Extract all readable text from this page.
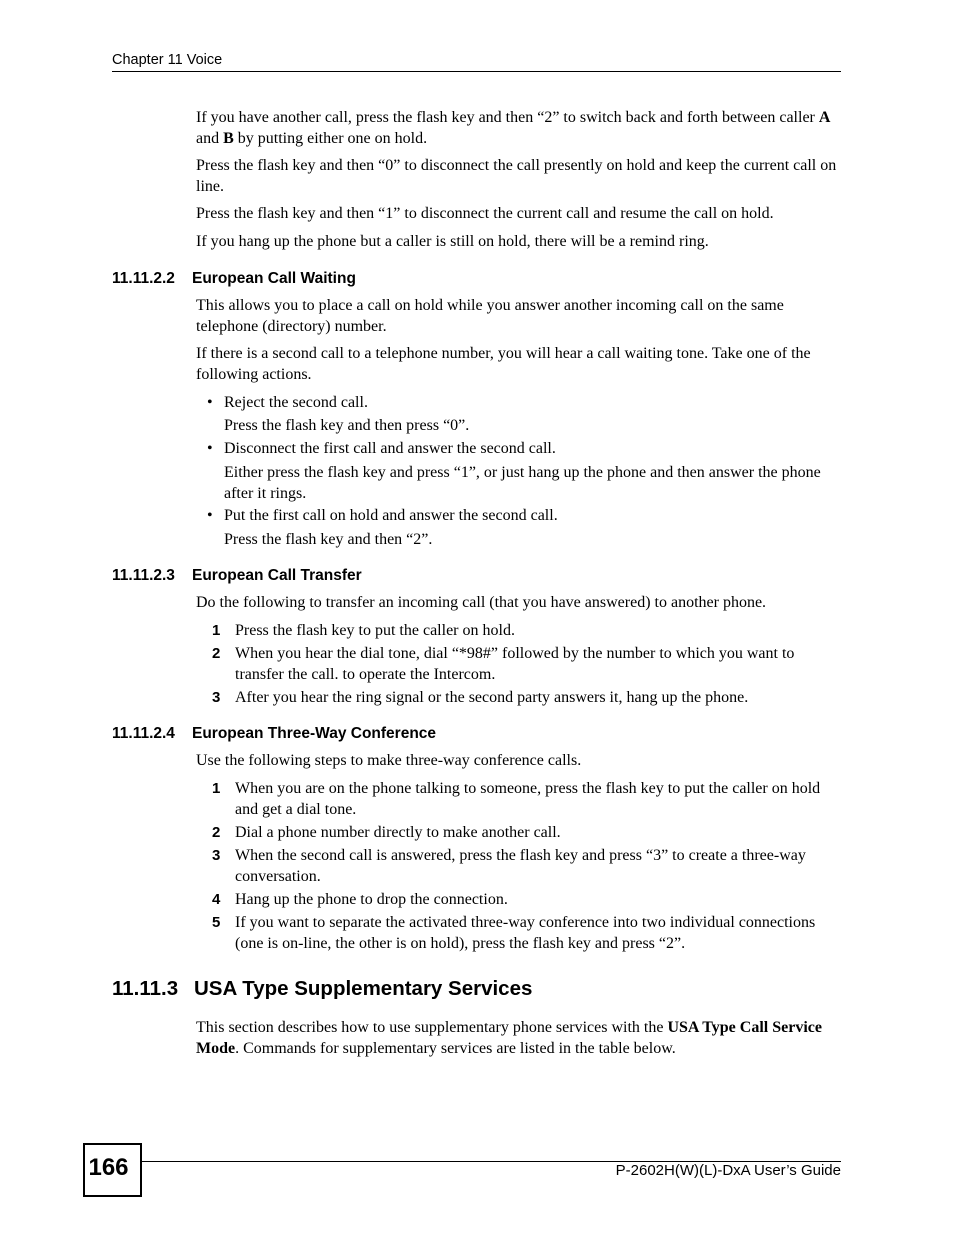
Chapter 11 Voice
If you have another call, press the flash key and then “2” to switch back and forth between caller A and B by putting either one on hold.
Press the flash key and then “0” to disconnect the call presently on hold and keep the current call on line.
Press the flash key and then “1” to disconnect the current call and resume the call on hold.
If you hang up the phone but a caller is still on hold, there will be a remind ring.
11.11.2.2 European Call Waiting
This allows you to place a call on hold while you answer another incoming call on the same telephone (directory) number.
If there is a second call to a telephone number, you will hear a call waiting tone. Take one of the following actions.
• Reject the second call.
Press the flash key and then press “0”.
• Disconnect the first call and answer the second call.
Either press the flash key and press “1”, or just hang up the phone and then answer the phone after it rings.
• Put the first call on hold and answer the second call.
Press the flash key and then “2”.
11.11.2.3 European Call Transfer
Do the following to transfer an incoming call (that you have answered) to another phone.
1 Press the flash key to put the caller on hold.
2 When you hear the dial tone, dial “*98#” followed by the number to which you want to transfer the call. to operate the Intercom.
3 After you hear the ring signal or the second party answers it, hang up the phone.
11.11.2.4 European Three-Way Conference
Use the following steps to make three-way conference calls.
1 When you are on the phone talking to someone, press the flash key to put the caller on hold and get a dial tone.
2 Dial a phone number directly to make another call.
3 When the second call is answered, press the flash key and press “3” to create a three-way conversation.
4 Hang up the phone to drop the connection.
5 If you want to separate the activated three-way conference into two individual connections (one is on-line, the other is on hold), press the flash key and press “2”.
11.11.3 USA Type Supplementary Services
This section describes how to use supplementary phone services with the USA Type Call Service Mode. Commands for supplementary services are listed in the table below.
166	P-2602H(W)(L)-DxA User’s Guide
